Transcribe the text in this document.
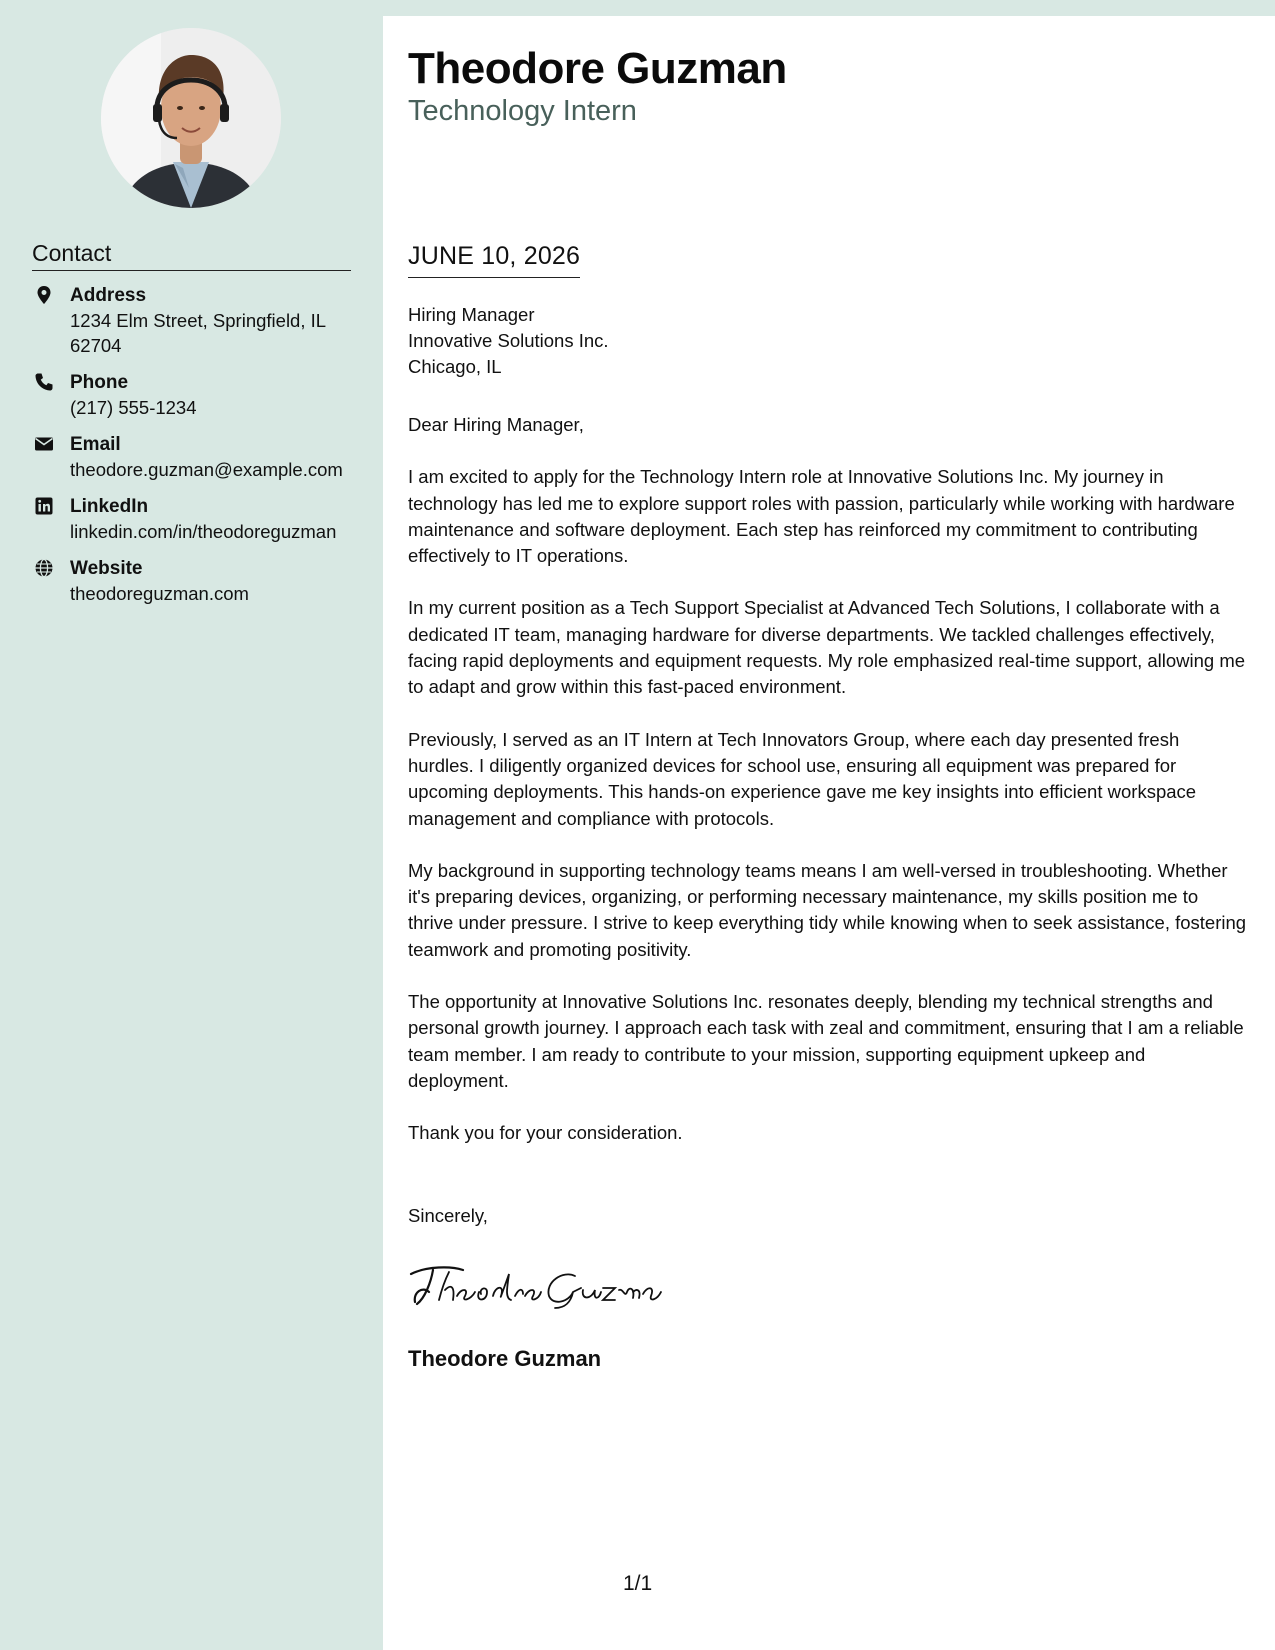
Contact
Address
1234 Elm Street, Springfield, IL 62704
Phone
(217) 555-1234
Email
theodore.guzman@example.com
LinkedIn
linkedin.com/in/theodoreguzman
Website
theodoreguzman.com
Theodore Guzman
Technology Intern
JUNE 10, 2026
Hiring Manager
Innovative Solutions Inc.
Chicago, IL

Dear Hiring Manager,

I am excited to apply for the Technology Intern role at Innovative Solutions Inc. My journey in technology has led me to explore support roles with passion, particularly while working with hardware maintenance and software deployment. Each step has reinforced my commitment to contributing effectively to IT operations.

In my current position as a Tech Support Specialist at Advanced Tech Solutions, I collaborate with a dedicated IT team, managing hardware for diverse departments. We tackled challenges effectively, facing rapid deployments and equipment requests. My role emphasized real-time support, allowing me to adapt and grow within this fast-paced environment.

Previously, I served as an IT Intern at Tech Innovators Group, where each day presented fresh hurdles. I diligently organized devices for school use, ensuring all equipment was prepared for upcoming deployments. This hands-on experience gave me key insights into efficient workspace management and compliance with protocols.

My background in supporting technology teams means I am well-versed in troubleshooting. Whether it's preparing devices, organizing, or performing necessary maintenance, my skills position me to thrive under pressure. I strive to keep everything tidy while knowing when to seek assistance, fostering teamwork and promoting positivity.

The opportunity at Innovative Solutions Inc. resonates deeply, blending my technical strengths and personal growth journey. I approach each task with zeal and commitment, ensuring that I am a reliable team member. I am ready to contribute to your mission, supporting equipment upkeep and deployment.

Thank you for your consideration.

Sincerely,
Theodore Guzman
1/1
